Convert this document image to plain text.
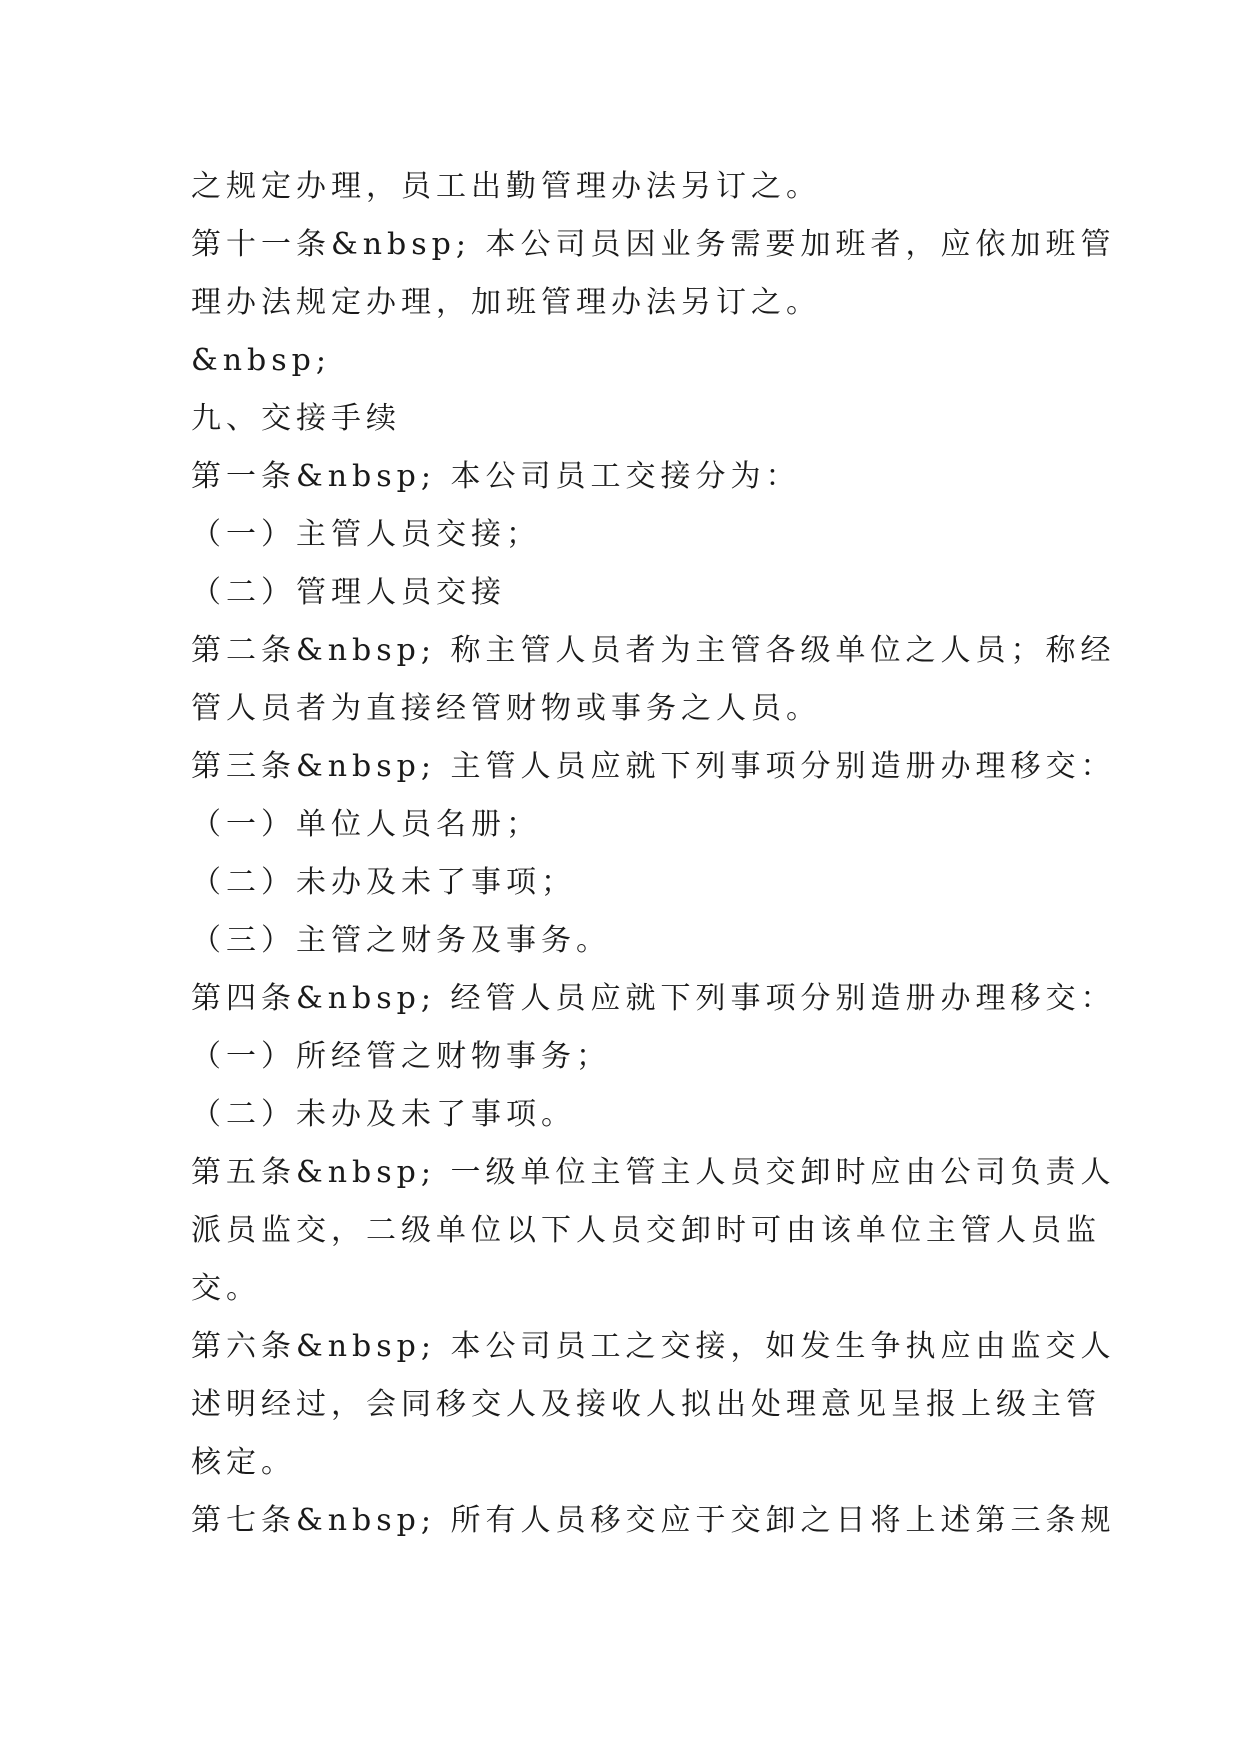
之规定办理，员工出勤管理办法另订之。
第十一条&nbsp; 本公司员因业务需要加班者，应依加班管
理办法规定办理，加班管理办法另订之。
&nbsp;
九、交接手续
第一条&nbsp; 本公司员工交接分为：
（一）主管人员交接；
（二）管理人员交接
第二条&nbsp; 称主管人员者为主管各级单位之人员；称经
管人员者为直接经管财物或事务之人员。
第三条&nbsp; 主管人员应就下列事项分别造册办理移交：
（一）单位人员名册；
（二）未办及未了事项；
（三）主管之财务及事务。
第四条&nbsp; 经管人员应就下列事项分别造册办理移交：
（一）所经管之财物事务；
（二）未办及未了事项。
第五条&nbsp; 一级单位主管主人员交卸时应由公司负责人
派员监交，二级单位以下人员交卸时可由该单位主管人员监
交。
第六条&nbsp; 本公司员工之交接，如发生争执应由监交人
述明经过，会同移交人及接收人拟出处理意见呈报上级主管
核定。
第七条&nbsp; 所有人员移交应于交卸之日将上述第三条规
